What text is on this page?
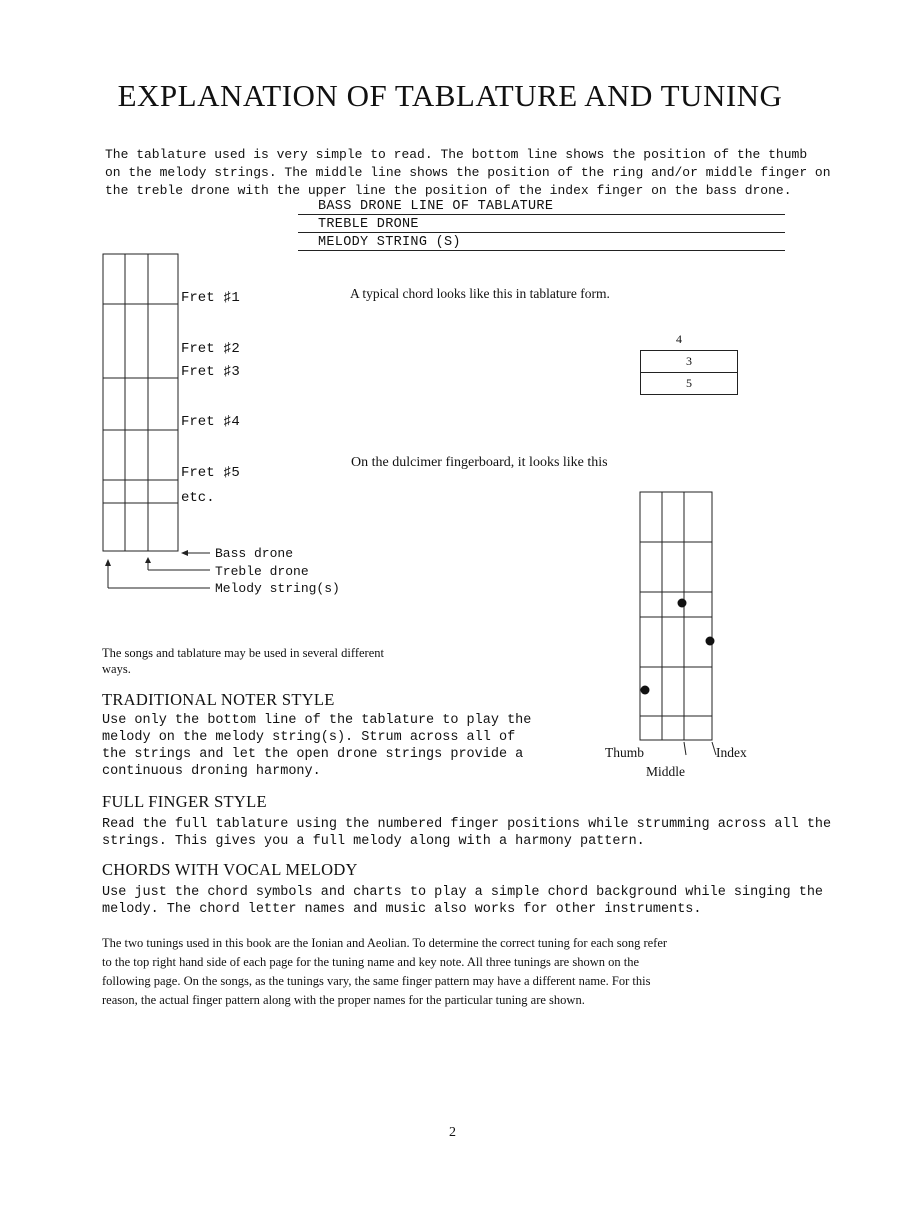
EXPLANATION OF TABLATURE AND TUNING
The tablature used is very simple to read. The bottom line shows the position of the thumb
on the melody strings. The middle line shows the position of the ring and/or middle finger on
the treble drone with the upper line the position of the index finger on the bass drone.
BASS DRONE LINE OF TABLATURE
TREBLE DRONE
MELODY STRING (S)
Fret ♯1
Fret ♯2
Fret ♯3
Fret ♯4
Fret ♯5
etc.
Bass drone
Treble drone
Melody string(s)
A typical chord looks like this in tablature form.
4
3
5
On the dulcimer fingerboard, it looks like this
Thumb	Index
Middle
The songs and tablature may be used in several different
ways.
TRADITIONAL NOTER STYLE
Use only the bottom line of the tablature to play the
melody on the melody string(s). Strum across all of
the strings and let the open drone strings provide a
continuous droning harmony.
FULL FINGER STYLE
Read the full tablature using the numbered finger positions while strumming across all the
strings. This gives you a full melody along with a harmony pattern.
CHORDS WITH VOCAL MELODY
Use just the chord symbols and charts to play a simple chord background while singing the
melody. The chord letter names and music also works for other instruments.
The two tunings used in this book are the Ionian and Aeolian. To determine the correct tuning for each song refer
to the top right hand side of each page for the tuning name and key note. All three tunings are shown on the
following page. On the songs, as the tunings vary, the same finger pattern may have a different name. For this
reason, the actual finger pattern along with the proper names for the particular tuning are shown.
2
